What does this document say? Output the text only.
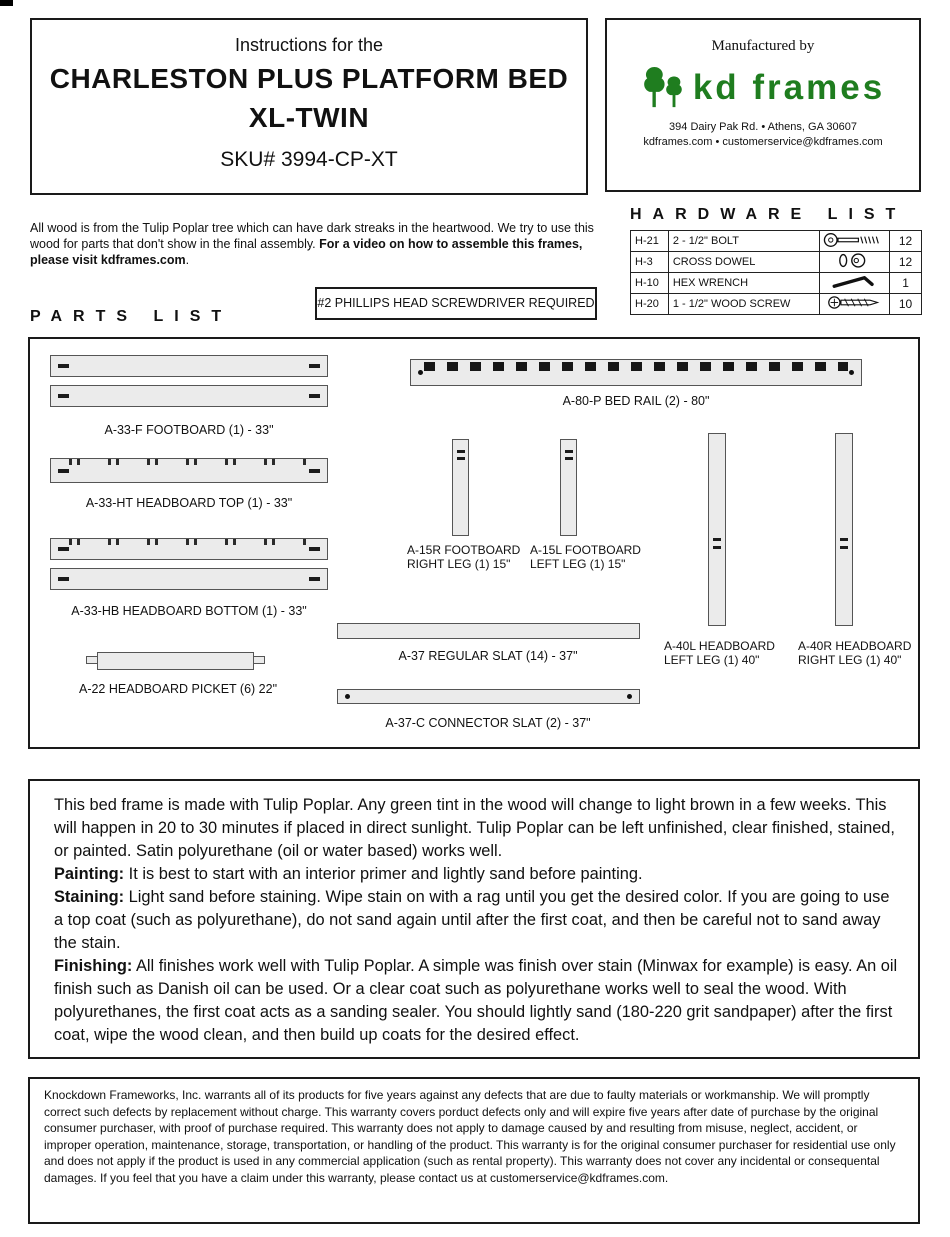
Instructions for the
CHARLESTON PLUS PLATFORM BED
XL-TWIN
SKU# 3994-CP-XT
Manufactured by
kd frames
394 Dairy Pak Rd. • Athens, GA 30607
kdframes.com • customerservice@kdframes.com

All wood is from the Tulip Poplar tree which can have dark streaks in the heartwood. We try to use this wood for parts that don't show in the final assembly. For a video on how to assemble this frames, please visit kdframes.com.

HARDWARE LIST
H-21	2 - 1/2" BOLT		12
H-3	CROSS DOWEL		12
H-10	HEX WRENCH		1
H-20	1 - 1/2" WOOD SCREW		10
#2 PHILLIPS HEAD SCREWDRIVER REQUIRED
PARTS LIST
A-33-F FOOTBOARD (1) - 33"
A-80-P BED RAIL (2) - 80"
A-33-HT HEADBOARD TOP (1) - 33"
A-33-HB HEADBOARD BOTTOM (1) - 33"
A-15R FOOTBOARD
RIGHT LEG (1) 15"
A-15L FOOTBOARD
LEFT LEG (1) 15"
A-40L HEADBOARD
LEFT LEG (1) 40"
A-40R HEADBOARD
RIGHT LEG (1) 40"
A-37 REGULAR SLAT (14) - 37"
A-22 HEADBOARD PICKET (6) 22"
A-37-C CONNECTOR SLAT (2) - 37"

This bed frame is made with Tulip Poplar. Any green tint in the wood will change to light brown in a few weeks. This will happen in 20 to 30 minutes if placed in direct sunlight. Tulip Poplar can be left unfinished, clear finished, stained, or painted. Satin polyurethane (oil or water based) works well.

Painting: It is best to start with an interior primer and lightly sand before painting.

Staining: Light sand before staining. Wipe stain on with a rag until you get the desired color. If you are going to use a top coat (such as polyurethane), do not sand again until after the first coat, and then be careful not to sand away the stain.

Finishing: All finishes work well with Tulip Poplar. A simple was finish over stain (Minwax for example) is easy. An oil finish such as Danish oil can be used. Or a clear coat such as polyurethane works well to seal the wood. With polyurethanes, the first coat acts as a sanding sealer. You should lightly sand (180-220 grit sandpaper) after the first coat, wipe the wood clean, and then build up coats for the desired effect.

Knockdown Frameworks, Inc. warrants all of its products for five years against any defects that are due to faulty materials or workmanship. We will promptly correct such defects by replacement without charge. This warranty covers porduct defects only and will expire five years after date of purchase by the original consumer purchaser, with proof of purchase required. This warranty does not apply to damage caused by and resulting from misuse, neglect, accident, or improper operation, maintenance, storage, transportation, or handling of the product. This warranty is for the original consumer purchaser for residential use only and does not apply if the product is used in any commercial application (such as rental property). This warranty does not cover any incidental or consequental damages. If you feel that you have a claim under this warranty, please contact us at customerservice@kdframes.com.
